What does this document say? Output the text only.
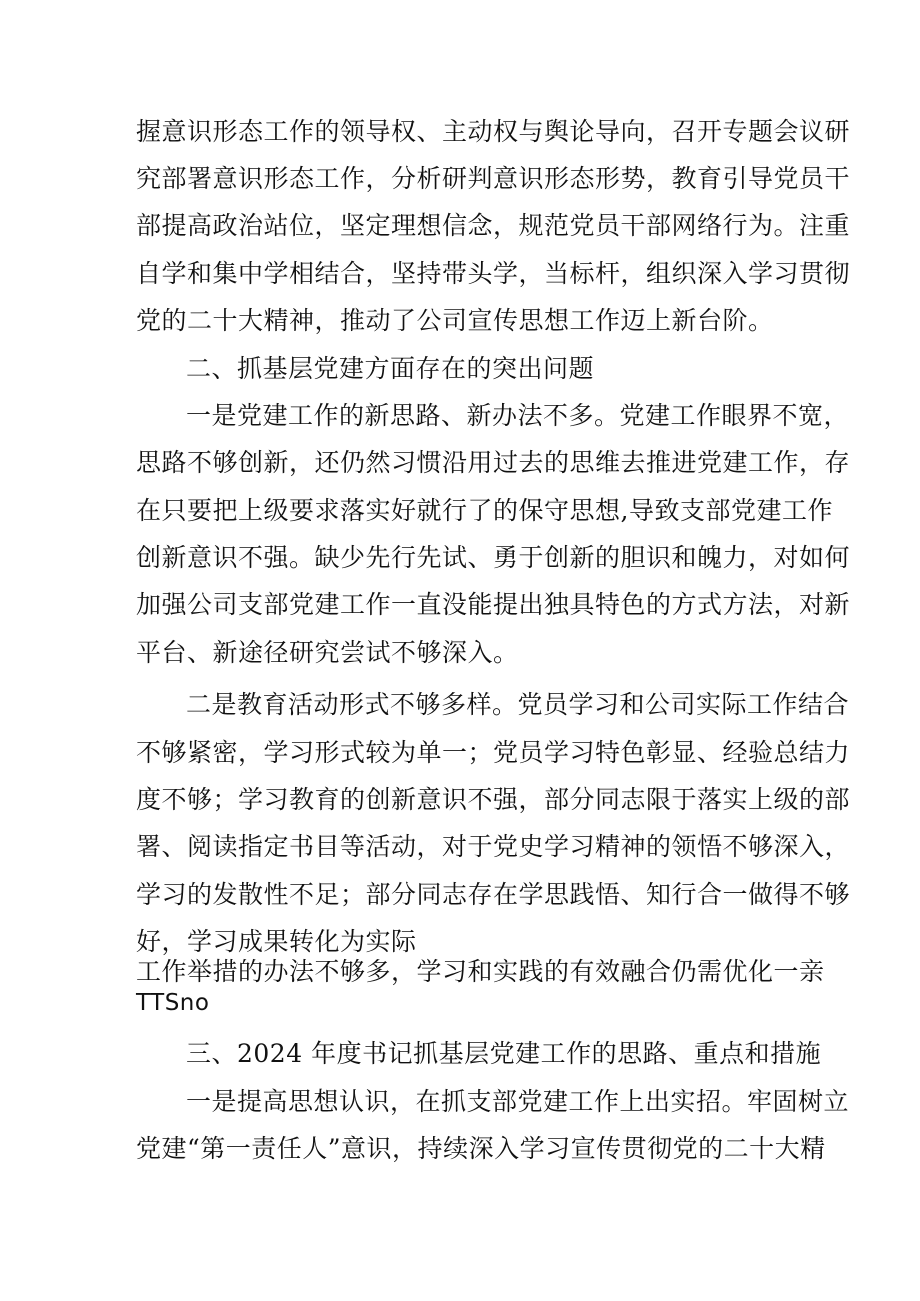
握意识形态工作的领导权、主动权与舆论导向，召开专题会议研
究部署意识形态工作，分析研判意识形态形势，教育引导党员干
部提高政治站位，坚定理想信念，规范党员干部网络行为。注重
自学和集中学相结合，坚持带头学，当标杆，组织深入学习贯彻
党的二十大精神，推动了公司宣传思想工作迈上新台阶。
二、抓基层党建方面存在的突出问题
一是党建工作的新思路、新办法不多。党建工作眼界不宽，
思路不够创新，还仍然习惯沿用过去的思维去推进党建工作，存
在只要把上级要求落实好就行了的保守思想,导致支部党建工作
创新意识不强。缺少先行先试、勇于创新的胆识和魄力，对如何
加强公司支部党建工作一直没能提出独具特色的方式方法，对新
平台、新途径研究尝试不够深入。
二是教育活动形式不够多样。党员学习和公司实际工作结合
不够紧密，学习形式较为单一；党员学习特色彰显、经验总结力
度不够；学习教育的创新意识不强，部分同志限于落实上级的部
署、阅读指定书目等活动，对于党史学习精神的领悟不够深入，
学习的发散性不足；部分同志存在学思践悟、知行合一做得不够
好，学习成果转化为实际
工作举措的办法不够多，学习和实践的有效融合仍需优化一亲
TTSno
三、2024 年度书记抓基层党建工作的思路、重点和措施
一是提高思想认识，在抓支部党建工作上出实招。牢固树立
党建“第一责任人”意识，持续深入学习宣传贯彻党的二十大精
